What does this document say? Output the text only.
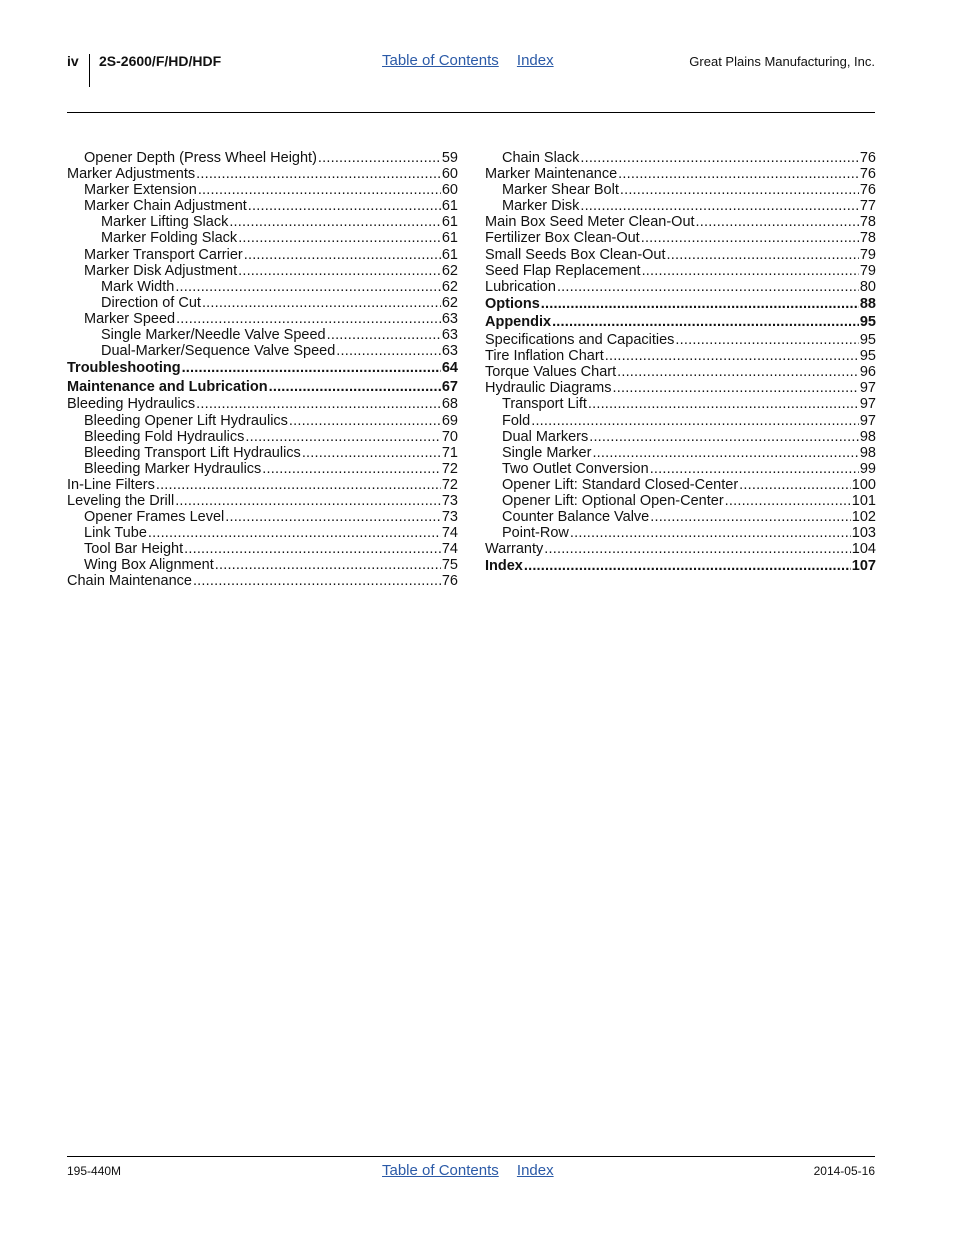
iv 2S-2600/F/HD/HDF	Table of Contents Index	Great Plains Manufacturing, Inc.
Opener Depth (Press Wheel Height) .....	59
Marker Adjustments .....	60
Marker Extension .....	60
Marker Chain Adjustment .....	61
Marker Lifting Slack .....	61
Marker Folding Slack .....	61
Marker Transport Carrier .....	61
Marker Disk Adjustment .....	62
Mark Width .....	62
Direction of Cut .....	62
Marker Speed .....	63
Single Marker/Needle Valve Speed .....	63
Dual-Marker/Sequence Valve Speed .....	63
Troubleshooting .....	64
Maintenance and Lubrication .....	67
Bleeding Hydraulics .....	68
Bleeding Opener Lift Hydraulics .....	69
Bleeding Fold Hydraulics .....	70
Bleeding Transport Lift Hydraulics .....	71
Bleeding Marker Hydraulics .....	72
In-Line Filters .....	72
Leveling the Drill .....	73
Opener Frames Level .....	73
Link Tube .....	74
Tool Bar Height .....	74
Wing Box Alignment .....	75
Chain Maintenance .....	76
Chain Slack .....	76
Marker Maintenance .....	76
Marker Shear Bolt .....	76
Marker Disk .....	77
Main Box Seed Meter Clean-Out .....	78
Fertilizer Box Clean-Out .....	78
Small Seeds Box Clean-Out .....	79
Seed Flap Replacement .....	79
Lubrication .....	80
Options .....	88
Appendix .....	95
Specifications and Capacities .....	95
Tire Inflation Chart .....	95
Torque Values Chart .....	96
Hydraulic Diagrams .....	97
Transport Lift .....	97
Fold .....	97
Dual Markers .....	98
Single Marker .....	98
Two Outlet Conversion .....	99
Opener Lift: Standard Closed-Center .....	100
Opener Lift: Optional Open-Center .....	101
Counter Balance Valve .....	102
Point-Row .....	103
Warranty .....	104
Index .....	107
195-440M	Table of Contents Index	2014-05-16
